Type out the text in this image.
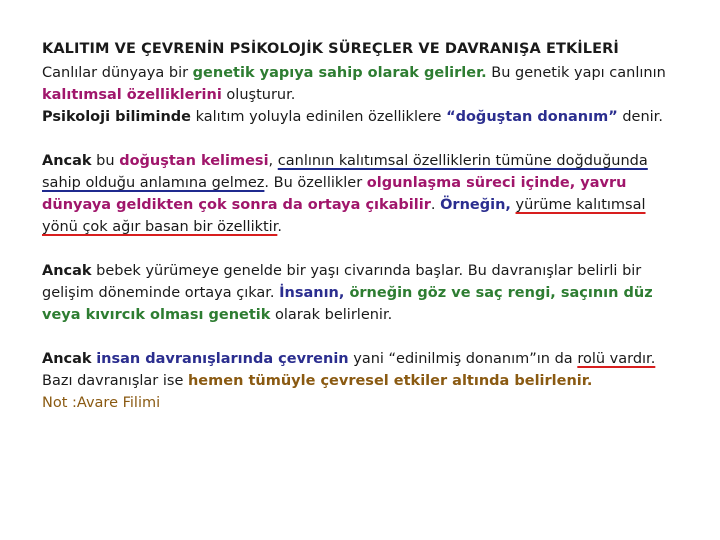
KALITIM VE ÇEVRENİN PSİKOLOJİK SÜREÇLER VE DAVRANIŞA ETKİLERİ

Canlılar dünyaya bir genetik yapıya sahip olarak gelirler. Bu genetik yapı canlının kalıtımsal özelliklerini oluşturur.

Psikoloji biliminde kalıtım yoluyla edinilen özelliklere “doğuştan donanım” denir.

Ancak bu doğuştan kelimesi, canlının kalıtımsal özelliklerin tümüne doğduğunda sahip olduğu anlamına gelmez. Bu özellikler olgunlaşma süreci içinde, yavru dünyaya geldikten çok sonra da ortaya çıkabilir. Örneğin, yürüme kalıtımsal yönü çok ağır basan bir özelliktir.

Ancak bebek yürümeye genelde bir yaşı civarında başlar. Bu davranışlar belirli bir gelişim döneminde ortaya çıkar. İnsanın, örneğin göz ve saç rengi, saçının düz veya kıvırcık olması genetik olarak belirlenir.

Ancak insan davranışlarında çevrenin yani “edinilmiş donanım”ın da rolü vardır. Bazı davranışlar ise hemen tümüyle çevresel etkiler altında belirlenir.
Not :Avare Filimi
